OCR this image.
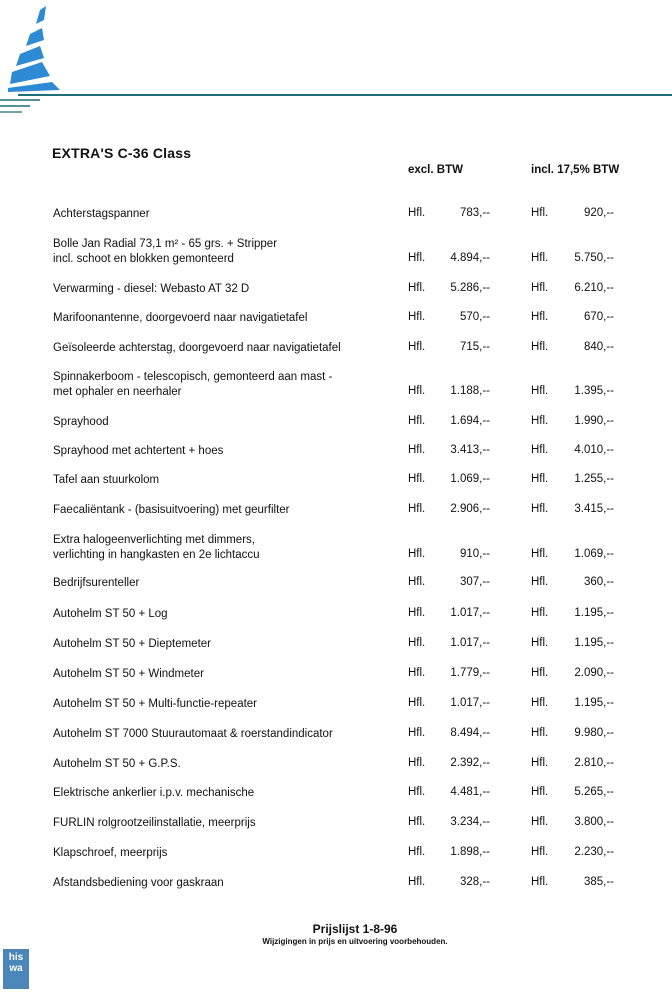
EXTRA'S C-36 Class
excl. BTW	incl. 17,5% BTW
Achterstagspanner	Hfl.	783,--	Hfl.	920,--
Bolle Jan Radial 73,1 m² - 65 grs. + Stripper
incl. schoot en blokken gemonteerd	Hfl.	4.894,--	Hfl.	5.750,--
Verwarming - diesel: Webasto AT 32 D	Hfl.	5.286,--	Hfl.	6.210,--
Marifoonantenne, doorgevoerd naar navigatietafel	Hfl.	570,--	Hfl.	670,--
Geïsoleerde achterstag, doorgevoerd naar navigatietafel	Hfl.	715,--	Hfl.	840,--
Spinnakerboom - telescopisch, gemonteerd aan mast -
met ophaler en neerhaler	Hfl.	1.188,--	Hfl.	1.395,--
Sprayhood	Hfl.	1.694,--	Hfl.	1.990,--
Sprayhood met achtertent + hoes	Hfl.	3.413,--	Hfl.	4.010,--
Tafel aan stuurkolom	Hfl.	1.069,--	Hfl.	1.255,--
Faecaliëntank - (basisuitvoering) met geurfilter	Hfl.	2.906,--	Hfl.	3.415,--
Extra halogeenverlichting met dimmers,
verlichting in hangkasten en 2e lichtaccu	Hfl.	910,--	Hfl.	1.069,--
Bedrijfsurenteller	Hfl.	307,--	Hfl.	360,--
Autohelm ST 50 + Log	Hfl.	1.017,--	Hfl.	1.195,--
Autohelm ST 50 + Dieptemeter	Hfl.	1.017,--	Hfl.	1.195,--
Autohelm ST 50 + Windmeter	Hfl.	1.779,--	Hfl.	2.090,--
Autohelm ST 50 + Multi-functie-repeater	Hfl.	1.017,--	Hfl.	1.195,--
Autohelm ST 7000 Stuurautomaat & roerstandindicator	Hfl.	8.494,--	Hfl.	9.980,--
Autohelm ST 50 + G.P.S.	Hfl.	2.392,--	Hfl.	2.810,--
Elektrische ankerlier i.p.v. mechanische	Hfl.	4.481,--	Hfl.	5.265,--
FURLIN rolgrootzeilinstallatie, meerprijs	Hfl.	3.234,--	Hfl.	3.800,--
Klapschroef, meerprijs	Hfl.	1.898,--	Hfl.	2.230,--
Afstandsbediening voor gaskraan	Hfl.	328,--	Hfl.	385,--
Prijslijst 1-8-96
Wijzigingen in prijs en uitvoering voorbehouden.
his
wa
